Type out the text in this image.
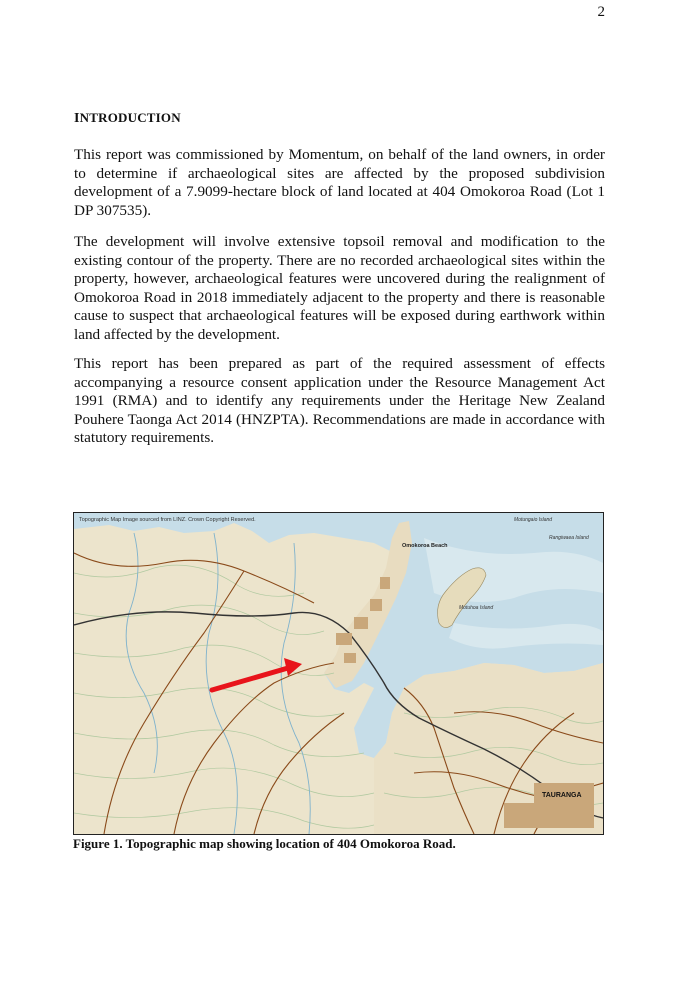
2
INTRODUCTION

This report was commissioned by Momentum, on behalf of the land owners, in order to determine if archaeological sites are affected by the proposed subdivision development of a 7.9099-hectare block of land located at 404 Omokoroa Road (Lot 1 DP 307535).

The development will involve extensive topsoil removal and modification to the existing contour of the property. There are no recorded archaeological sites within the property, however, archaeological features were uncovered during the realignment of Omokoroa Road in 2018 immediately adjacent to the property and there is reasonable cause to suspect that archaeological features will be exposed during earthwork within land affected by the development.

This report has been prepared as part of the required assessment of effects accompanying a resource consent application under the Resource Management Act 1991 (RMA) and to identify any requirements under the Heritage New Zealand Pouhere Taonga Act 2014 (HNZPTA). Recommendations are made in accordance with statutory requirements.

Topographic Map Image sourced from LINZ. Crown Copyright Reserved.
Omokoroa Beach
Motuhoa Island
Rangiwaea Island
Motungaio Island
TAURANGA
Figure 1. Topographic map showing location of 404 Omokoroa Road.
